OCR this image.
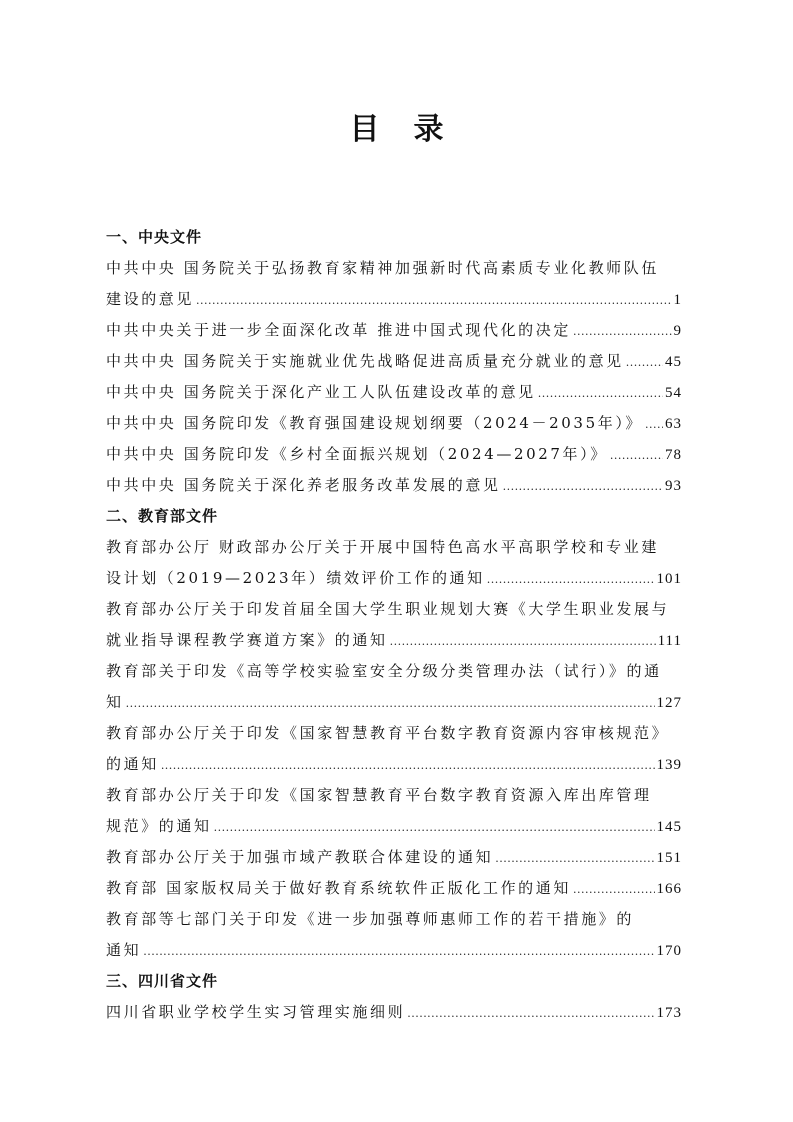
目 录
一、中央文件
中共中央 国务院关于弘扬教育家精神加强新时代高素质专业化教师队伍
建设的意见 .....	1
中共中央关于进一步全面深化改革 推进中国式现代化的决定 .....	9
中共中央 国务院关于实施就业优先战略促进高质量充分就业的意见 .....	45
中共中央 国务院关于深化产业工人队伍建设改革的意见 .....	54
中共中央 国务院印发《教育强国建设规划纲要（2024－2035年）》 ..... 63
中共中央 国务院印发《乡村全面振兴规划（2024—2027年）》 .....	78
中共中央 国务院关于深化养老服务改革发展的意见 .....	93
二、教育部文件
教育部办公厅 财政部办公厅关于开展中国特色高水平高职学校和专业建
设计划（2019—2023年）绩效评价工作的通知 .....	101
教育部办公厅关于印发首届全国大学生职业规划大赛《大学生职业发展与
就业指导课程教学赛道方案》的通知 .....	111
教育部关于印发《高等学校实验室安全分级分类管理办法（试行）》的通
知 .....	127
教育部办公厅关于印发《国家智慧教育平台数字教育资源内容审核规范》
的通知 .....	139
教育部办公厅关于印发《国家智慧教育平台数字教育资源入库出库管理
规范》的通知 .....	145
教育部办公厅关于加强市域产教联合体建设的通知 .....	151
教育部 国家版权局关于做好教育系统软件正版化工作的通知 .....	166
教育部等七部门关于印发《进一步加强尊师惠师工作的若干措施》的
通知 .....	170
三、四川省文件
四川省职业学校学生实习管理实施细则 .....	173
